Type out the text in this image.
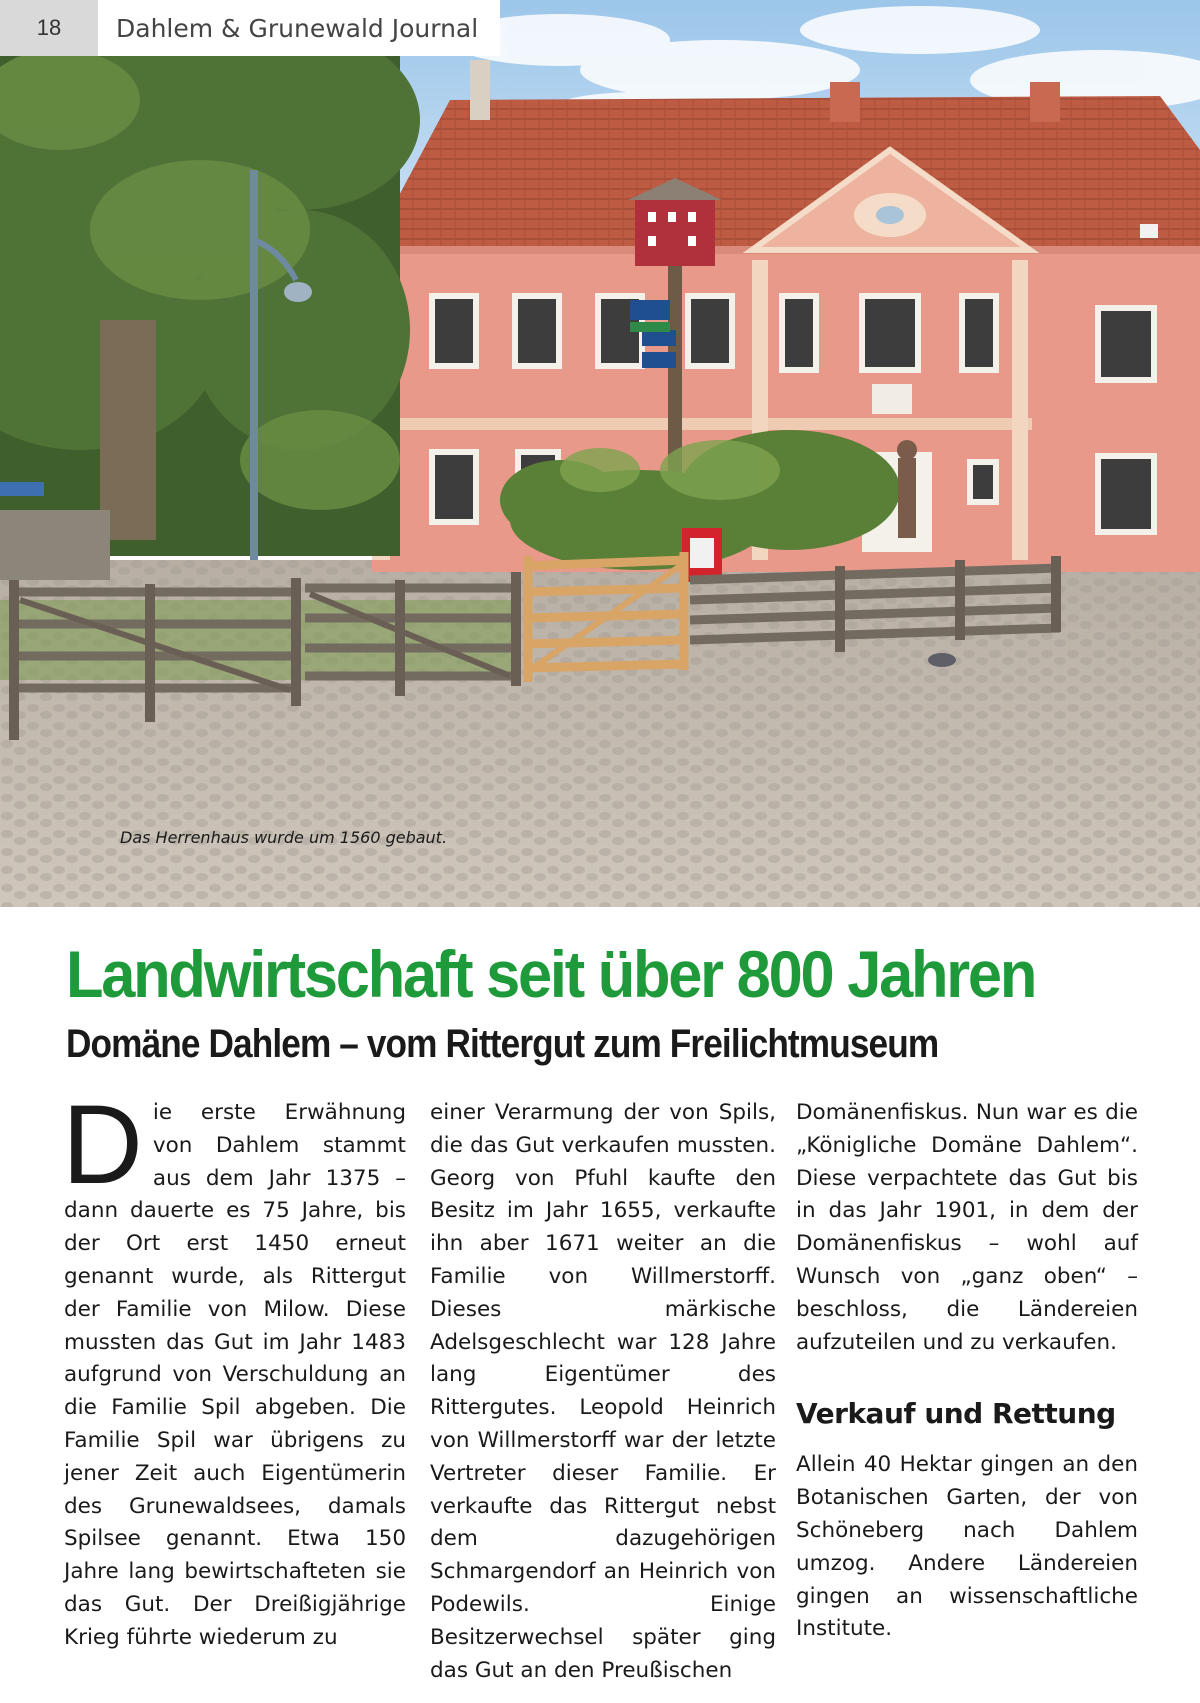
18	Dahlem & Grunewald Journal
Das Herrenhaus wurde um 1560 gebaut.
Landwirtschaft seit über 800 Jahren
Domäne Dahlem – vom Rittergut zum Freilichtmuseum
D ie erste Erwähnung von Dahlem stammt aus dem Jahr 1375 – dann dauerte es 75 Jahre, bis der Ort erst 1450 erneut genannt wurde, als Rittergut der Familie von Milow. Diese mussten das Gut im Jahr 1483 aufgrund von Verschuldung an die Familie Spil abgeben. Die Familie Spil war übrigens zu jener Zeit auch Eigentümerin des Grunewaldsees, damals Spilsee genannt. Etwa 150 Jahre lang bewirtschafteten sie das Gut. Der Dreißigjährige Krieg führte wiederum zu
einer Verarmung der von Spils, die das Gut verkaufen mussten. Georg von Pfuhl kaufte den Besitz im Jahr 1655, verkaufte ihn aber 1671 weiter an die Familie von Willmerstorff. Dieses märkische Adelsgeschlecht war 128 Jahre lang Eigentümer des Rittergutes. Leopold Heinrich von Willmerstorff war der letzte Vertreter dieser Familie. Er verkaufte das Rittergut nebst dem dazugehörigen Schmargendorf an Heinrich von Podewils. Einige Besitzerwechsel später ging das Gut an den Preußischen

Domänenfiskus. Nun war es die „Königliche Domäne Dahlem“. Diese verpachtete das Gut bis in das Jahr 1901, in dem der Domänenfiskus – wohl auf Wunsch von „ganz oben“ – beschloss, die Ländereien aufzuteilen und zu verkaufen.

Verkauf und Rettung

Allein 40 Hektar gingen an den Botanischen Garten, der von Schöneberg nach Dahlem umzog. Andere Ländereien gingen an wissenschaftliche Institute.
